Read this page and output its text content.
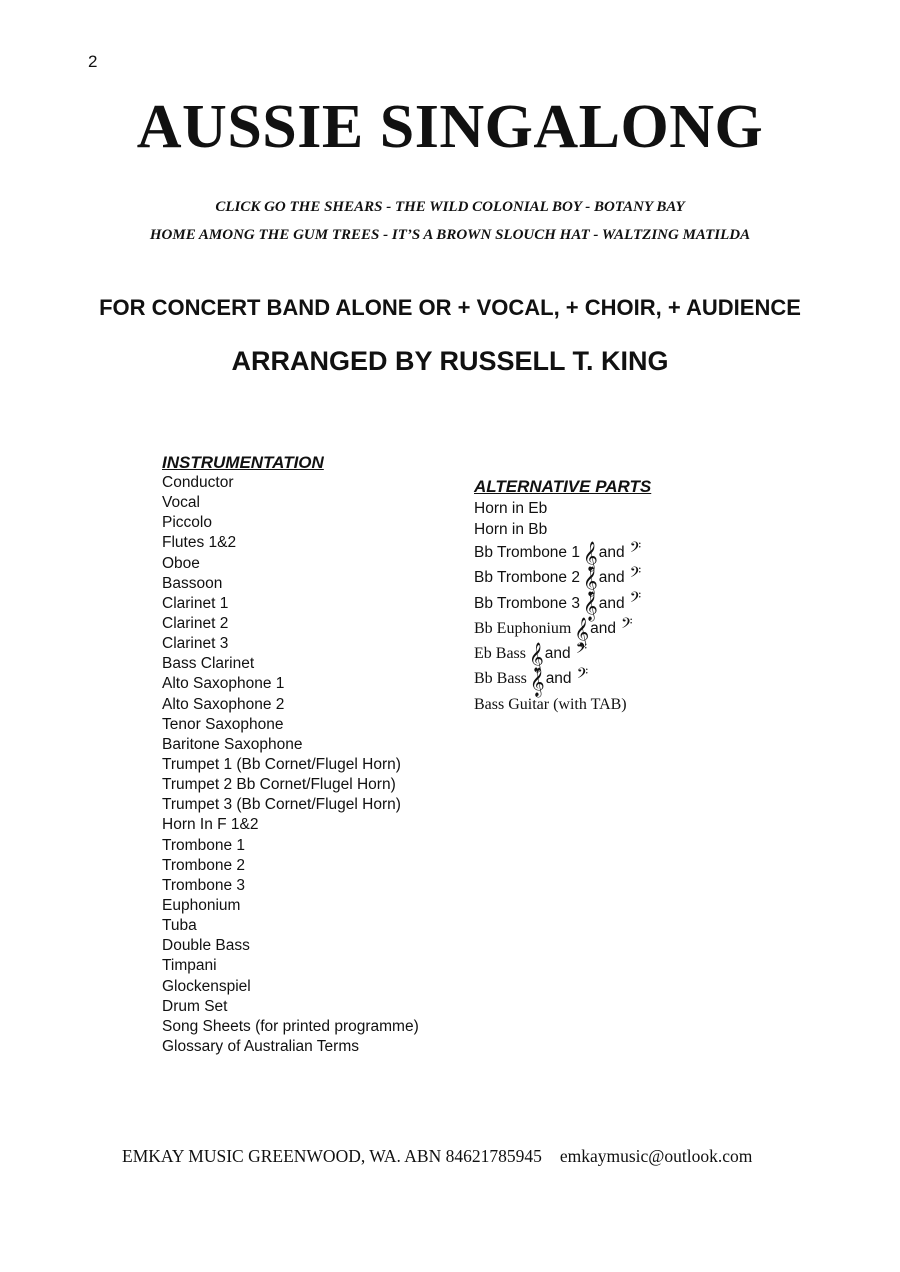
2
AUSSIE SINGALONG
CLICK GO THE SHEARS - THE WILD COLONIAL BOY - BOTANY BAY
HOME AMONG THE GUM TREES - IT’S A BROWN SLOUCH HAT - WALTZING MATILDA
FOR CONCERT BAND ALONE OR + VOCAL, + CHOIR, + AUDIENCE
ARRANGED BY RUSSELL T. KING
INSTRUMENTATION
Conductor
Vocal
Piccolo
Flutes 1&2
Oboe
Bassoon
Clarinet 1
Clarinet 2
Clarinet 3
Bass Clarinet
Alto Saxophone 1
Alto Saxophone 2
Tenor Saxophone
Baritone Saxophone
Trumpet 1 (Bb Cornet/Flugel Horn)
Trumpet 2 Bb Cornet/Flugel Horn)
Trumpet 3 (Bb Cornet/Flugel Horn)
Horn In F 1&2
Trombone 1
Trombone 2
Trombone 3
Euphonium
Tuba
Double Bass
Timpani
Glockenspiel
Drum Set
Song Sheets (for printed programme)
Glossary of Australian Terms
ALTERNATIVE PARTS
Horn in Eb
Horn in Bb
Bb Trombone 1 𝄞 and 𝄢
Bb Trombone 2 𝄞 and 𝄢
Bb Trombone 3 𝄞 and 𝄢
Bb Euphonium 𝄞 and 𝄢
Eb Bass 𝄞 and 𝄢
Bb Bass 𝄞 and 𝄢
Bass Guitar (with TAB)
EMKAY MUSIC GREENWOOD, WA. ABN 84621785945 emkaymusic@outlook.com
